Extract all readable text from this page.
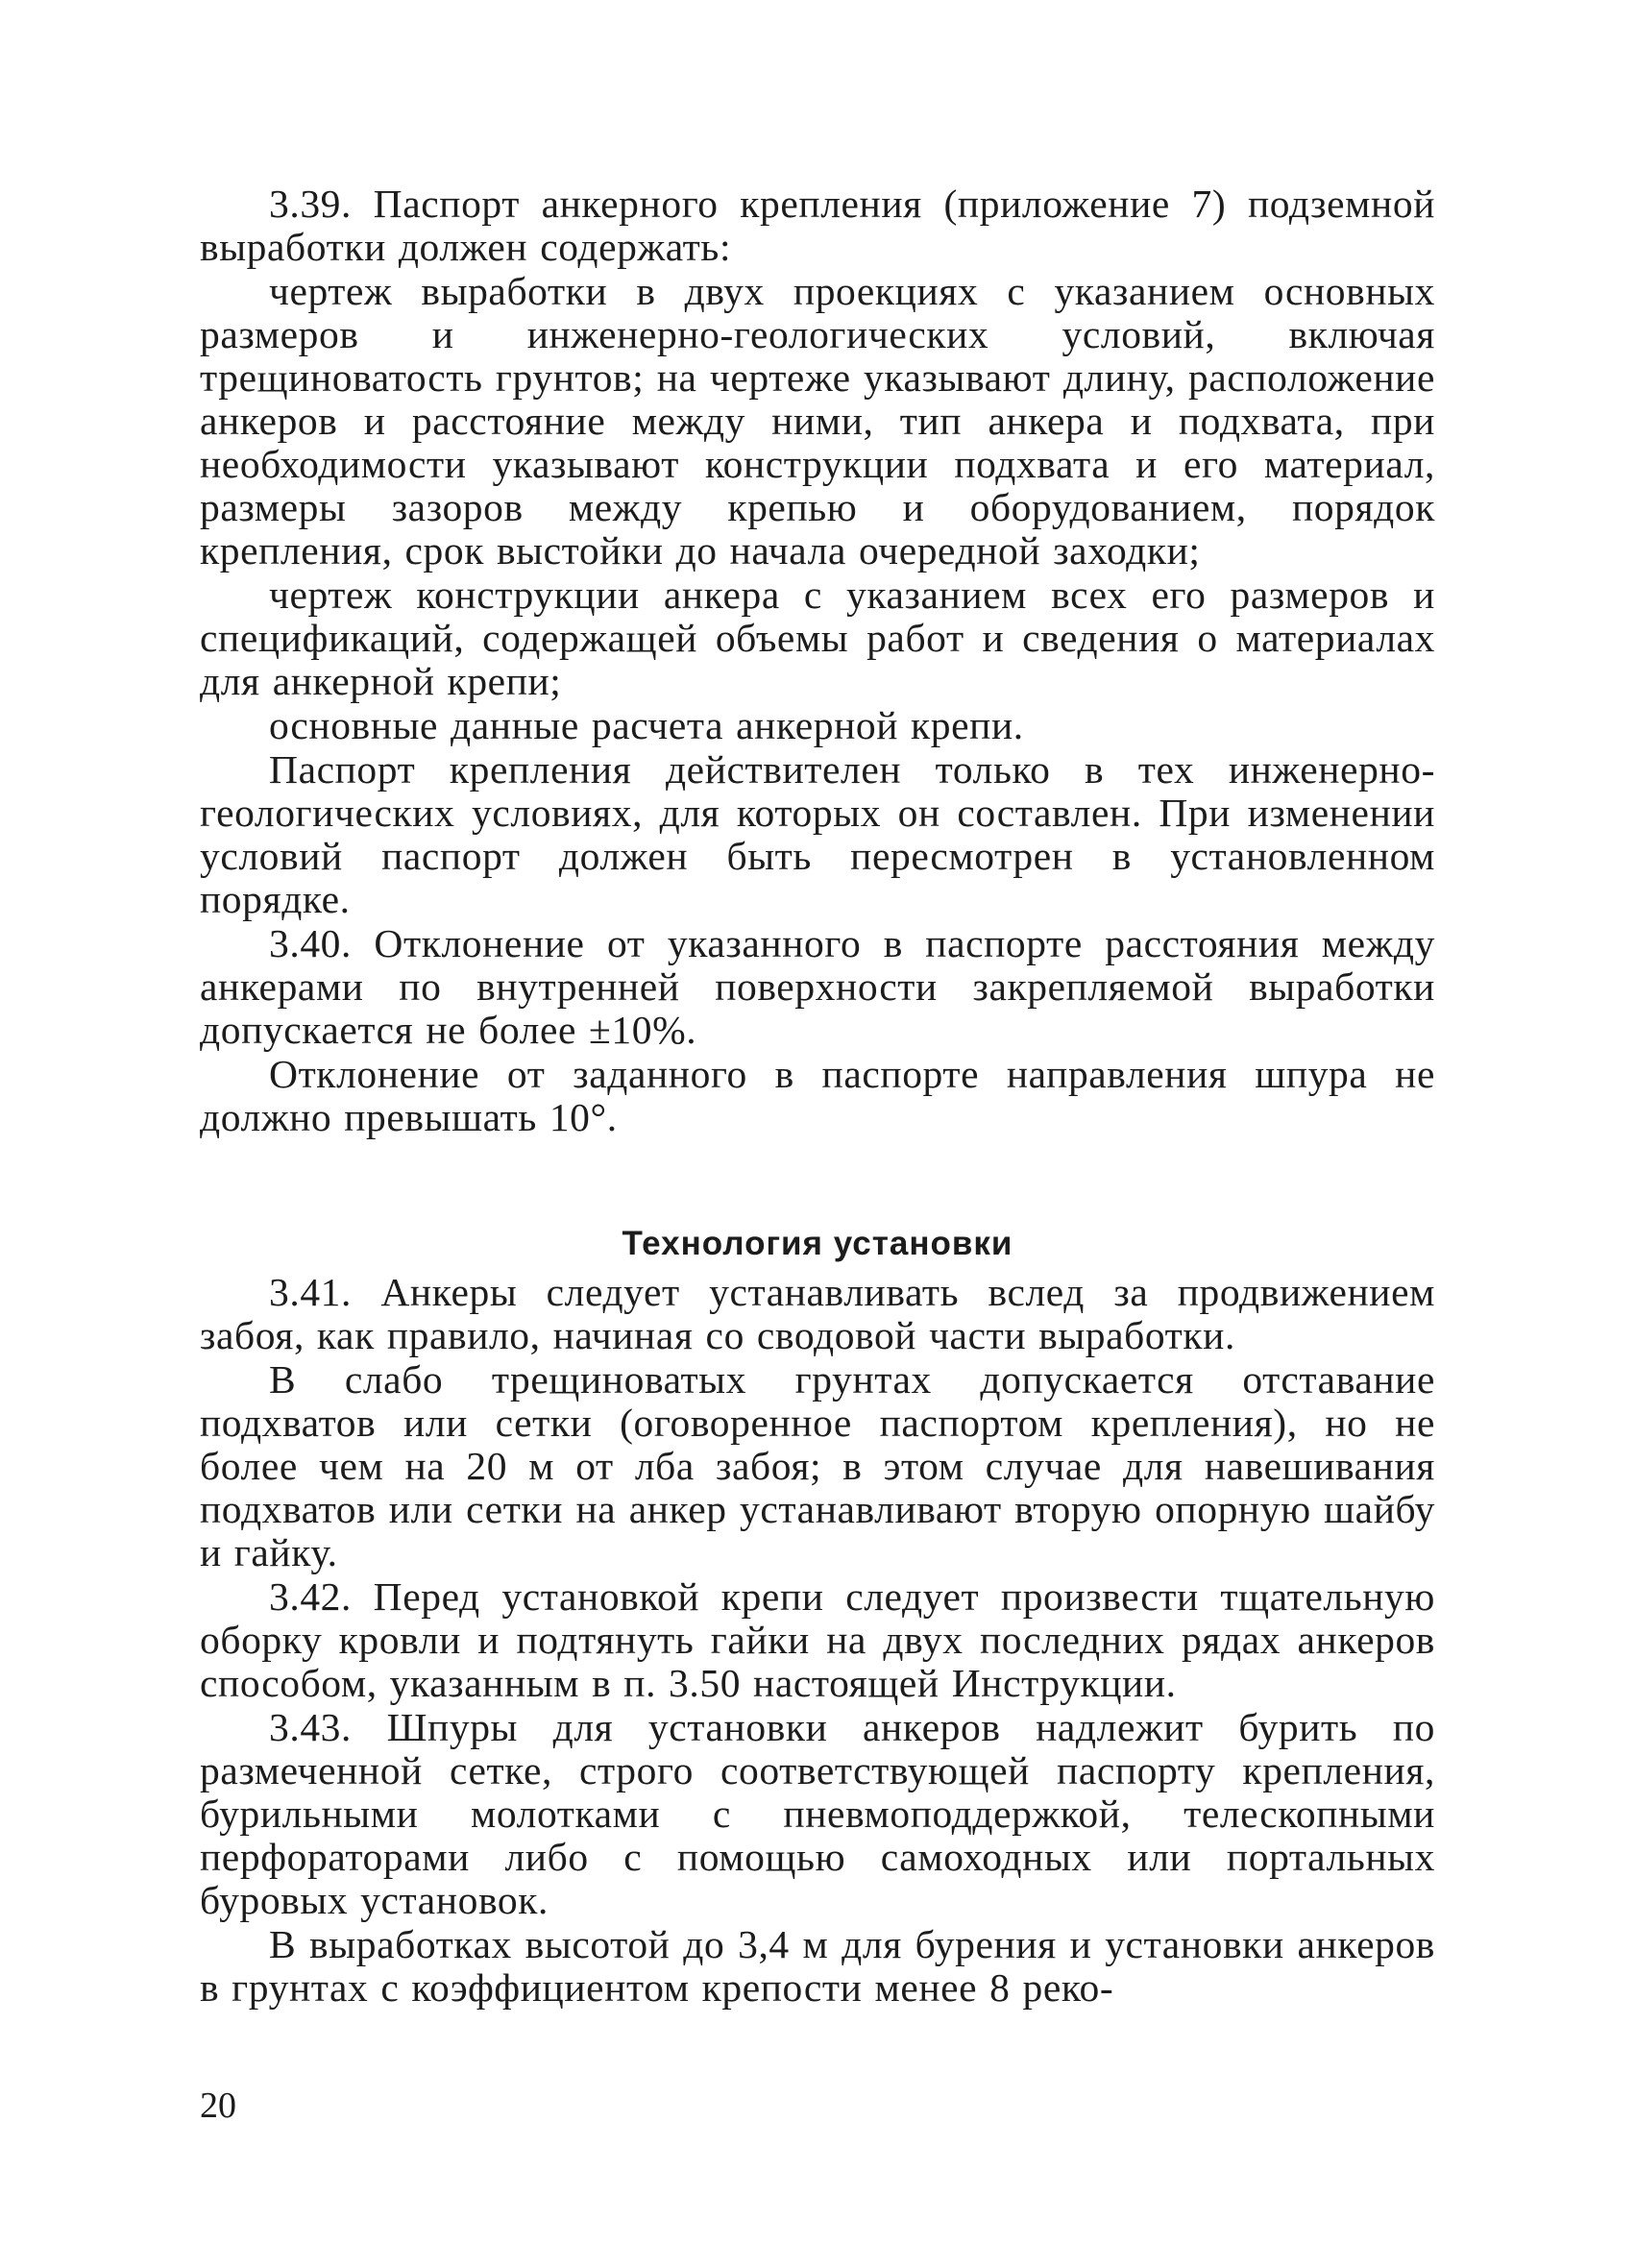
3.39. Паспорт анкерного крепления (приложение 7) подземной выработки должен содержать:

чертеж выработки в двух проекциях с указанием основных размеров и инженерно-геологических условий, включая трещиноватость грунтов; на чертеже указывают длину, расположение анкеров и расстояние между ними, тип анкера и подхвата, при необходимости указывают конструкции подхвата и его материал, размеры зазоров между крепью и оборудованием, порядок крепления, срок выстойки до начала очередной заходки;

чертеж конструкции анкера с указанием всех его размеров и спецификаций, содержащей объемы работ и сведения о материалах для анкерной крепи;

основные данные расчета анкерной крепи.

Паспорт крепления действителен только в тех инженерно-геологических условиях, для которых он составлен. При изменении условий паспорт должен быть пересмотрен в установленном порядке.

3.40. Отклонение от указанного в паспорте расстояния между анкерами по внутренней поверхности закрепляемой выработки допускается не более ±10%.

Отклонение от заданного в паспорте направления шпура не должно превышать 10°.

Технология установки

3.41. Анкеры следует устанавливать вслед за продвижением забоя, как правило, начиная со сводовой части выработки.

В слабо трещиноватых грунтах допускается отставание подхватов или сетки (оговоренное паспортом крепления), но не более чем на 20 м от лба забоя; в этом случае для навешивания подхватов или сетки на анкер устанавливают вторую опорную шайбу и гайку.

3.42. Перед установкой крепи следует произвести тщательную оборку кровли и подтянуть гайки на двух последних рядах анкеров способом, указанным в п. 3.50 настоящей Инструкции.

3.43. Шпуры для установки анкеров надлежит бурить по размеченной сетке, строго соответствующей паспорту крепления, бурильными молотками с пневмоподдержкой, телескопными перфораторами либо с помощью самоходных или портальных буровых установок.

В выработках высотой до 3,4 м для бурения и установки анкеров в грунтах с коэффициентом крепости менее 8 реко-

20
